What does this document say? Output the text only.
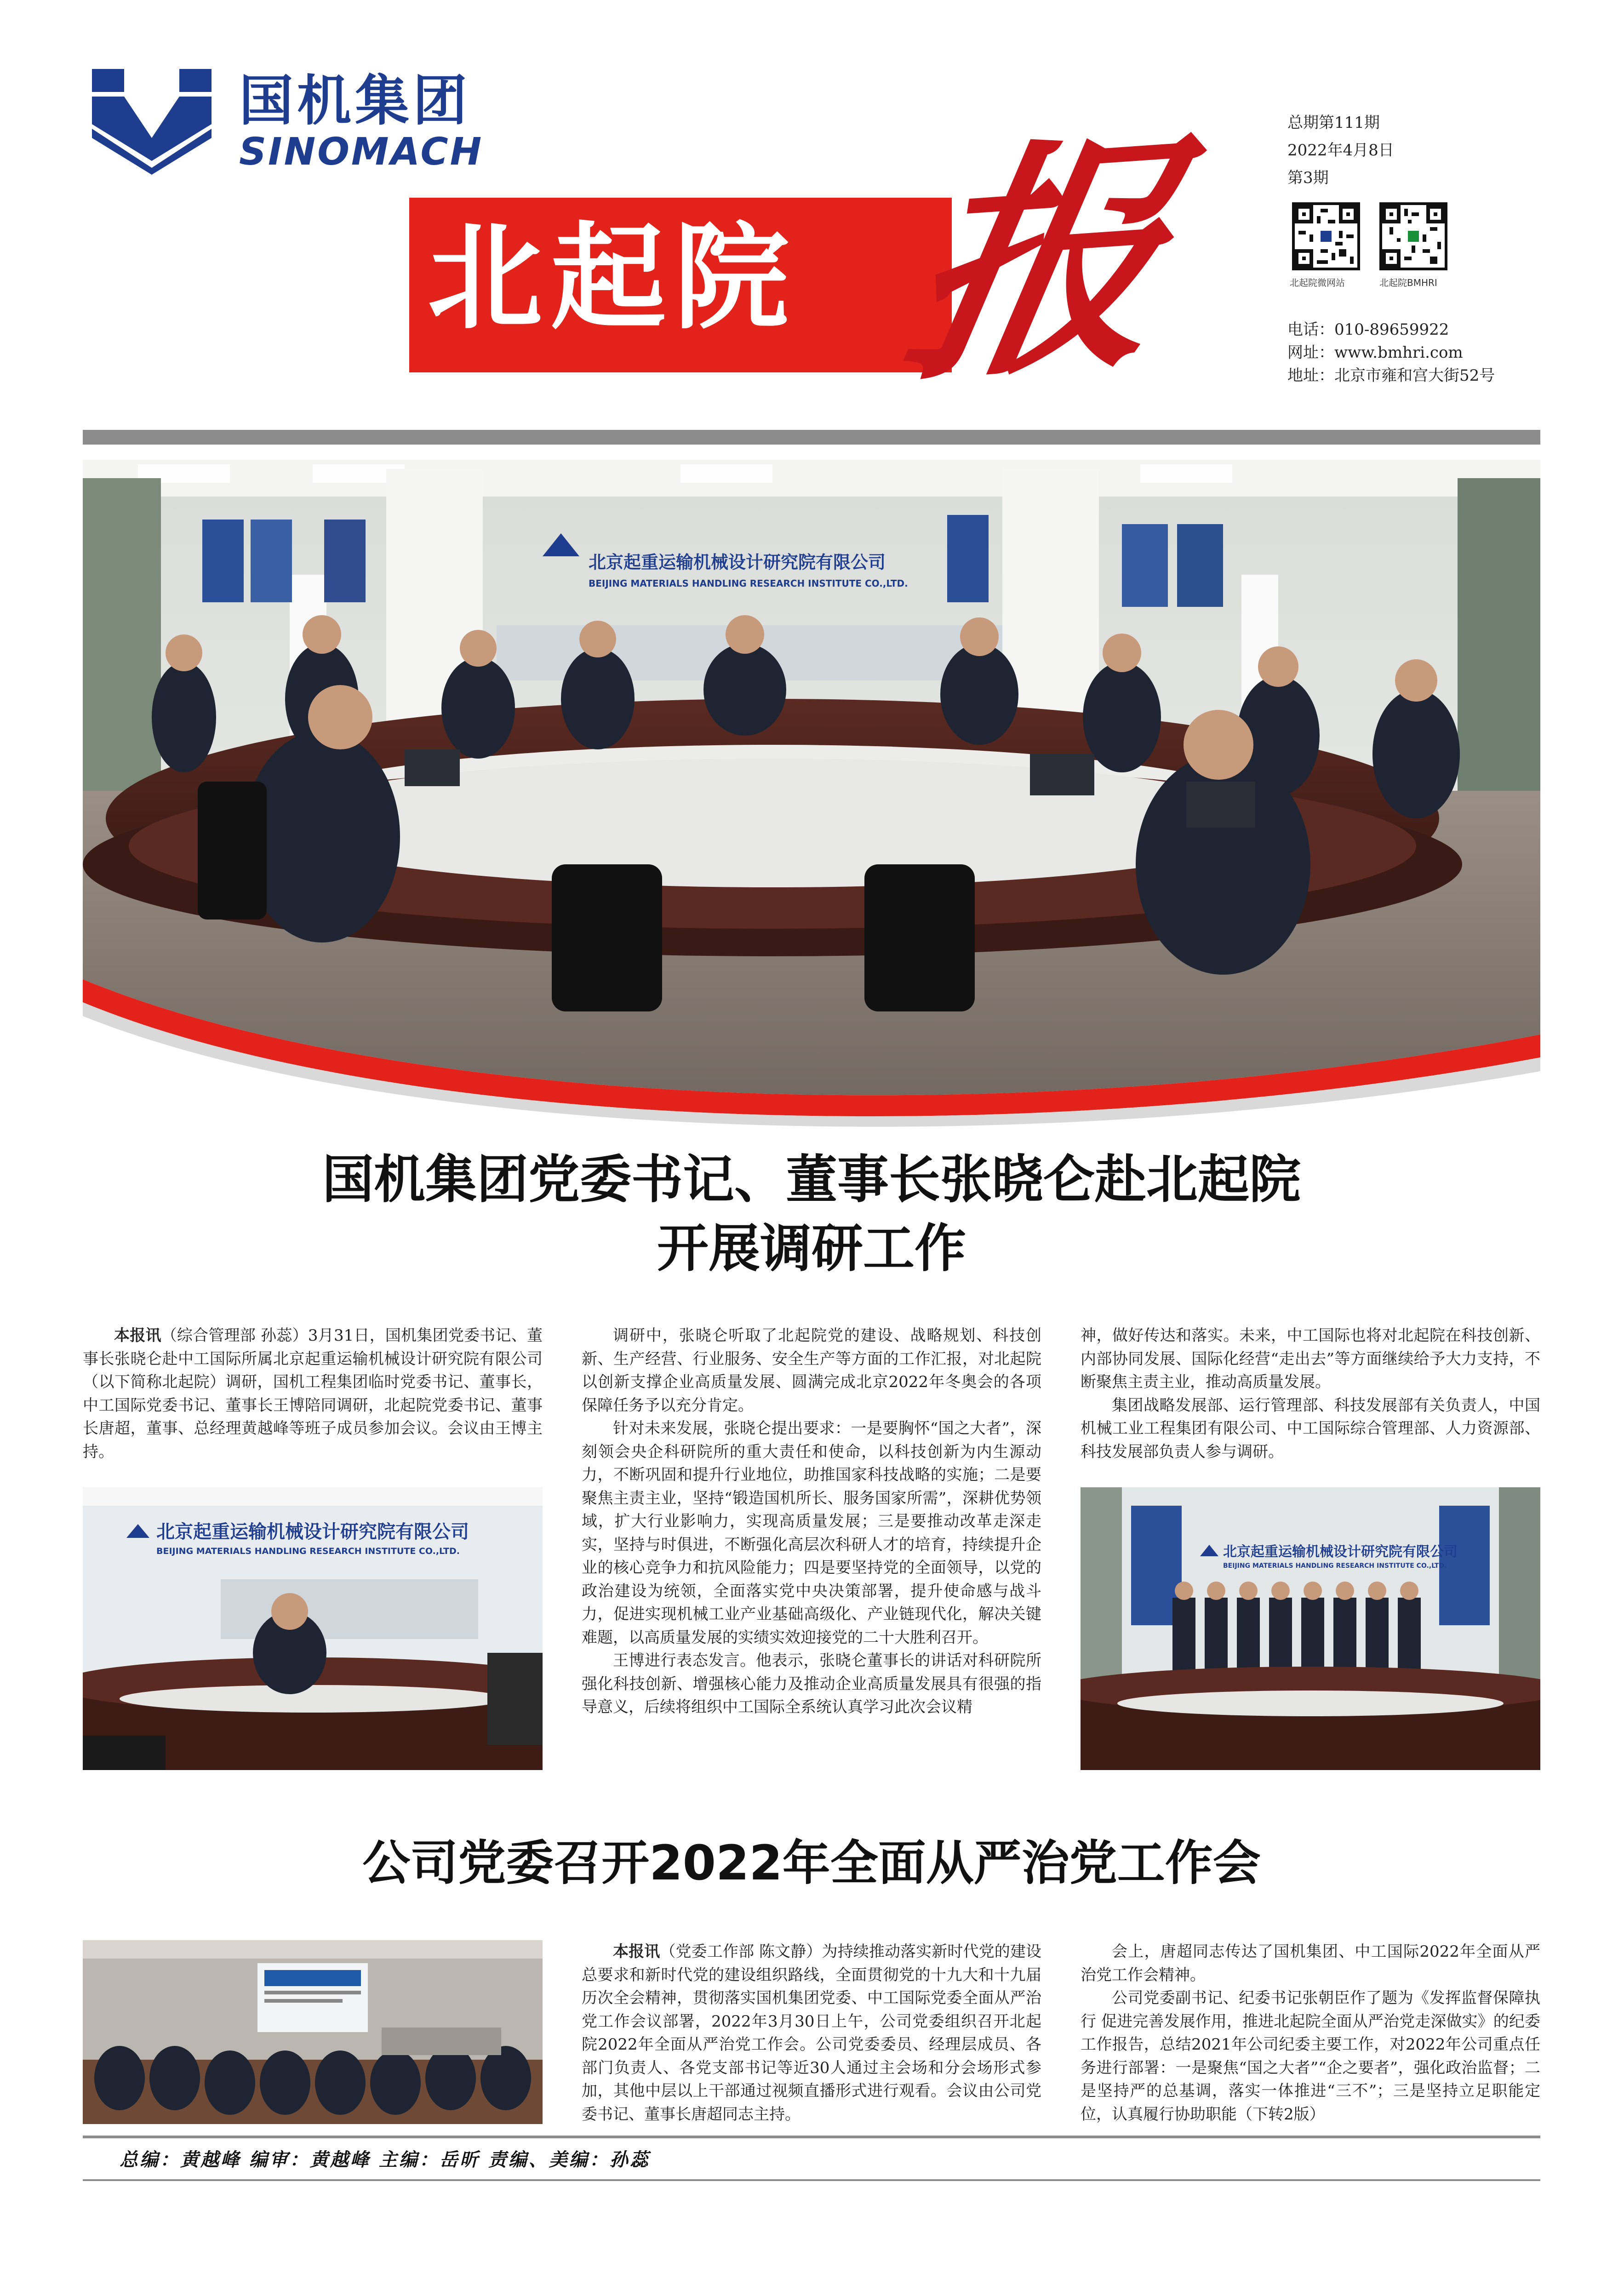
国机集团
SINOMACH
北起院 报	总期第111期
2022年4月8日
第3期
北起院微网站	北起院BMHRI
电话：010-89659922
网址：www.bmhri.com
地址：北京市雍和宫大街52号
北京起重运输机械设计研究院有限公司
BEIJING MATERIALS HANDLING RESEARCH INSTITUTE CO.,LTD.
国机集团党委书记、董事长张晓仑赴北起院
开展调研工作

本报讯（综合管理部 孙蕊）3月31日，国机集团党委书记、董事长张晓仑赴中工国际所属北京起重运输机械设计研究院有限公司（以下简称北起院）调研，国机工程集团临时党委书记、董事长，中工国际党委书记、董事长王博陪同调研，北起院党委书记、董事长唐超，董事、总经理黄越峰等班子成员参加会议。会议由王博主持。

北京起重运输机械设计研究院有限公司
BEIJING MATERIALS HANDLING RESEARCH INSTITUTE CO.,LTD.

调研中，张晓仑听取了北起院党的建设、战略规划、科技创新、生产经营、行业服务、安全生产等方面的工作汇报，对北起院以创新支撑企业高质量发展、圆满完成北京2022年冬奥会的各项保障任务予以充分肯定。

针对未来发展，张晓仑提出要求：一是要胸怀“国之大者”，深刻领会央企科研院所的重大责任和使命，以科技创新为内生源动力，不断巩固和提升行业地位，助推国家科技战略的实施；二是要聚焦主责主业，坚持“锻造国机所长、服务国家所需”，深耕优势领域，扩大行业影响力，实现高质量发展；三是要推动改革走深走实，坚持与时俱进，不断强化高层次科研人才的培育，持续提升企业的核心竞争力和抗风险能力；四是要坚持党的全面领导，以党的政治建设为统领，全面落实党中央决策部署，提升使命感与战斗力，促进实现机械工业产业基础高级化、产业链现代化，解决关键难题，以高质量发展的实绩实效迎接党的二十大胜利召开。

王博进行表态发言。他表示，张晓仑董事长的讲话对科研院所强化科技创新、增强核心能力及推动企业高质量发展具有很强的指导意义，后续将组织中工国际全系统认真学习此次会议精

神，做好传达和落实。未来，中工国际也将对北起院在科技创新、内部协同发展、国际化经营“走出去”等方面继续给予大力支持，不断聚焦主责主业，推动高质量发展。

集团战略发展部、运行管理部、科技发展部有关负责人，中国机械工业工程集团有限公司、中工国际综合管理部、人力资源部、科技发展部负责人参与调研。

北京起重运输机械设计研究院有限公司
BEIJING MATERIALS HANDLING RESEARCH INSTITUTE CO.,LTD.
公司党委召开2022年全面从严治党工作会

本报讯（党委工作部 陈文静）为持续推动落实新时代党的建设总要求和新时代党的建设组织路线，全面贯彻党的十九大和十九届历次全会精神，贯彻落实国机集团党委、中工国际党委全面从严治党工作会议部署，2022年3月30日上午，公司党委组织召开北起院2022年全面从严治党工作会。公司党委委员、经理层成员、各部门负责人、各党支部书记等近30人通过主会场和分会场形式参加，其他中层以上干部通过视频直播形式进行观看。会议由公司党委书记、董事长唐超同志主持。

会上，唐超同志传达了国机集团、中工国际2022年全面从严治党工作会精神。

公司党委副书记、纪委书记张朝臣作了题为《发挥监督保障执行 促进完善发展作用，推进北起院全面从严治党走深做实》的纪委工作报告，总结2021年公司纪委主要工作，对2022年公司重点任务进行部署：一是聚焦“国之大者”“企之要者”，强化政治监督；二是坚持严的总基调，落实一体推进“三不”；三是坚持立足职能定位，认真履行协助职能（下转2版）

总编：黄越峰 编审：黄越峰 主编：岳昕 责编、美编：孙蕊
